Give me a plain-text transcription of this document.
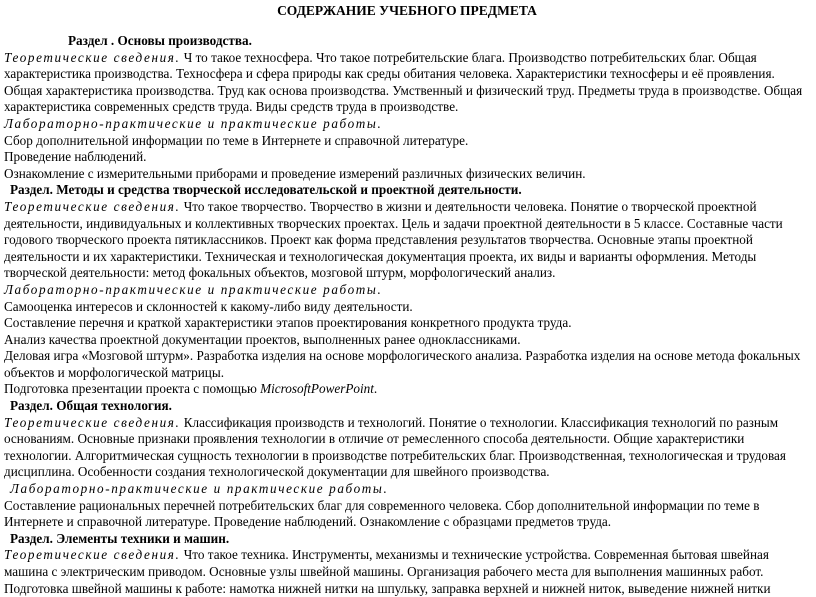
СОДЕРЖАНИЕ УЧЕБНОГО ПРЕДМЕТА

Раздел . Основы производства.

Теоретические сведения. Ч то такое техносфера. Что такое потребительские блага. Производство потребительских благ. Общая характеристика производства. Техносфера и сфера природы как среды обитания человека. Характеристики техносферы и её проявления. Общая характеристика производства. Труд как основа производства. Умственный и физический труд. Предметы труда в производстве. Общая характеристика современных средств труда. Виды средств труда в производстве.

Лабораторно-практические и практические работы.

Сбор дополнительной информации по теме в Интернете и справочной литературе.

Проведение наблюдений.

Ознакомление с измерительными приборами и проведение измерений различных физических величин.

Раздел. Методы и средства творческой исследовательской и проектной деятельности.

Теоретические сведения. Что такое творчество. Творчество в жизни и деятельности человека. Понятие о творческой проектной деятельности, индивидуальных и коллективных творческих проектах. Цель и задачи проектной деятельности в 5 классе. Составные части годового творческого проекта пятиклассников. Проект как форма представления результатов творчества. Основные этапы проектной деятельности и их характеристики. Техническая и технологическая документация проекта, их виды и варианты оформления. Методы творческой деятельности: метод фокальных объектов, мозговой штурм, морфологический анализ.

Лабораторно-практические и практические работы.

Самооценка интересов и склонностей к какому-либо виду деятельности.

Составление перечня и краткой характеристики этапов проектирования конкретного продукта труда.

Анализ качества проектной документации проектов, выполненных ранее одноклассниками.

Деловая игра «Мозговой штурм». Разработка изделия на основе морфологического анализа. Разработка изделия на основе метода фокальных объектов и морфологической матрицы.

Подготовка презентации проекта с помощью MicrosoftPowerPoint.

Раздел. Общая технология.

Теоретические сведения. Классификация производств и технологий. Понятие о технологии. Классификация технологий по разным основаниям. Основные признаки проявления технологии в отличие от ремесленного способа деятельности. Общие характеристики технологии. Алгоритмическая сущность технологии в производстве потребительских благ. Производственная, технологическая и трудовая дисциплина. Особенности создания технологической документации для швейного производства.

Лабораторно-практические и практические работы.

Составление рациональных перечней потребительских благ для современного человека. Сбор дополнительной информации по теме в Интернете и справочной литературе. Проведение наблюдений. Ознакомление с образцами предметов труда.

Раздел. Элементы техники и машин.

Теоретические сведения. Что такое техника. Инструменты, механизмы и технические устройства. Современная бытовая швейная машина с электрическим приводом. Основные узлы швейной машины. Организация рабочего места для выполнения машинных работ.

Подготовка швейной машины к работе: намотка нижней нитки на шпульку, заправка верхней и нижней ниток, выведение нижней нитки
